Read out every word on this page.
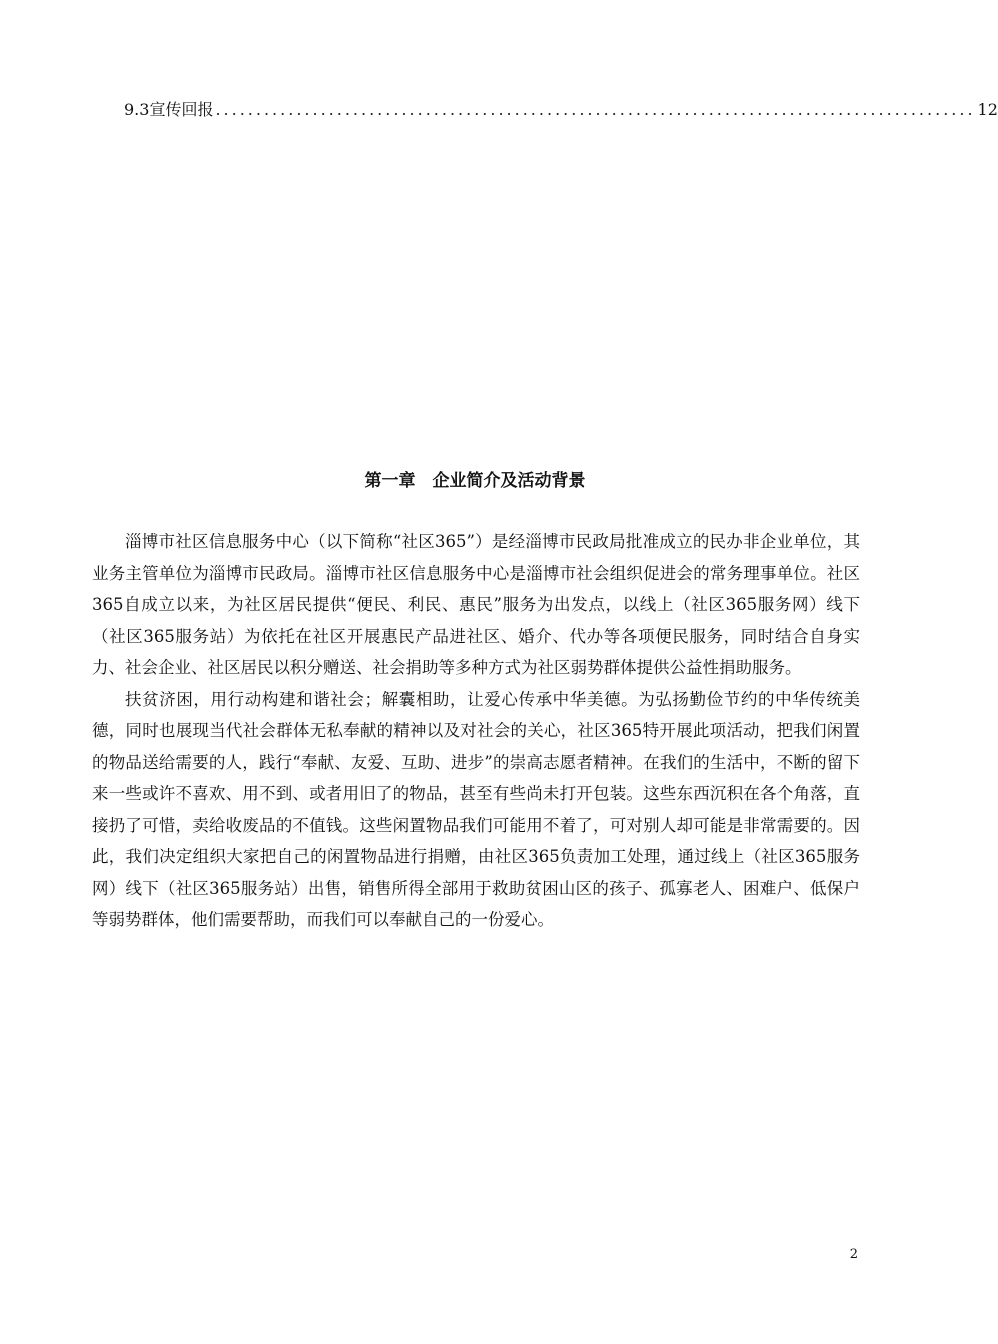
9.3宣传回报 .............................................................................................. 12
第一章　企业简介及活动背景

淄博市社区信息服务中心（以下简称“社区365”）是经淄博市民政局批准成立的民办非企业单位，其业务主管单位为淄博市民政局。淄博市社区信息服务中心是淄博市社会组织促进会的常务理事单位。社区365自成立以来，为社区居民提供“便民、利民、惠民”服务为出发点，以线上（社区365服务网）线下（社区365服务站）为依托在社区开展惠民产品进社区、婚介、代办等各项便民服务，同时结合自身实力、社会企业、社区居民以积分赠送、社会捐助等多种方式为社区弱势群体提供公益性捐助服务。

扶贫济困，用行动构建和谐社会；解囊相助，让爱心传承中华美德。为弘扬勤俭节约的中华传统美德，同时也展现当代社会群体无私奉献的精神以及对社会的关心，社区365特开展此项活动，把我们闲置的物品送给需要的人，践行“奉献、友爱、互助、进步”的崇高志愿者精神。在我们的生活中，不断的留下来一些或许不喜欢、用不到、或者用旧了的物品，甚至有些尚未打开包装。这些东西沉积在各个角落，直接扔了可惜，卖给收废品的不值钱。这些闲置物品我们可能用不着了，可对别人却可能是非常需要的。因此，我们决定组织大家把自己的闲置物品进行捐赠，由社区365负责加工处理，通过线上（社区365服务网）线下（社区365服务站）出售，销售所得全部用于救助贫困山区的孩子、孤寡老人、困难户、低保户等弱势群体，他们需要帮助，而我们可以奉献自己的一份爱心。

2
